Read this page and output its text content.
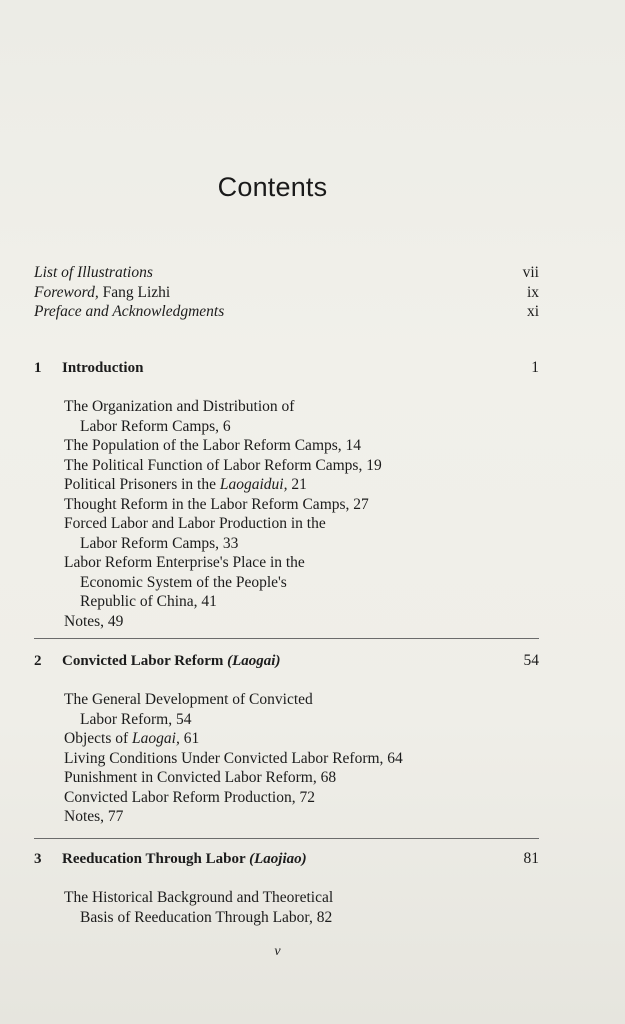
Contents
List of Illustrations	vii
Foreword, Fang Lizhi	ix
Preface and Acknowledgments	xi
1 Introduction	1
The Organization and Distribution of
Labor Reform Camps, 6
The Population of the Labor Reform Camps, 14
The Political Function of Labor Reform Camps, 19
Political Prisoners in the Laogaidui, 21
Thought Reform in the Labor Reform Camps, 27
Forced Labor and Labor Production in the
Labor Reform Camps, 33
Labor Reform Enterprise's Place in the
Economic System of the People's
Republic of China, 41
Notes, 49
2 Convicted Labor Reform (Laogai)	54
The General Development of Convicted
Labor Reform, 54
Objects of Laogai, 61
Living Conditions Under Convicted Labor Reform, 64
Punishment in Convicted Labor Reform, 68
Convicted Labor Reform Production, 72
Notes, 77
3 Reeducation Through Labor (Laojiao)	81
The Historical Background and Theoretical
Basis of Reeducation Through Labor, 82
v
